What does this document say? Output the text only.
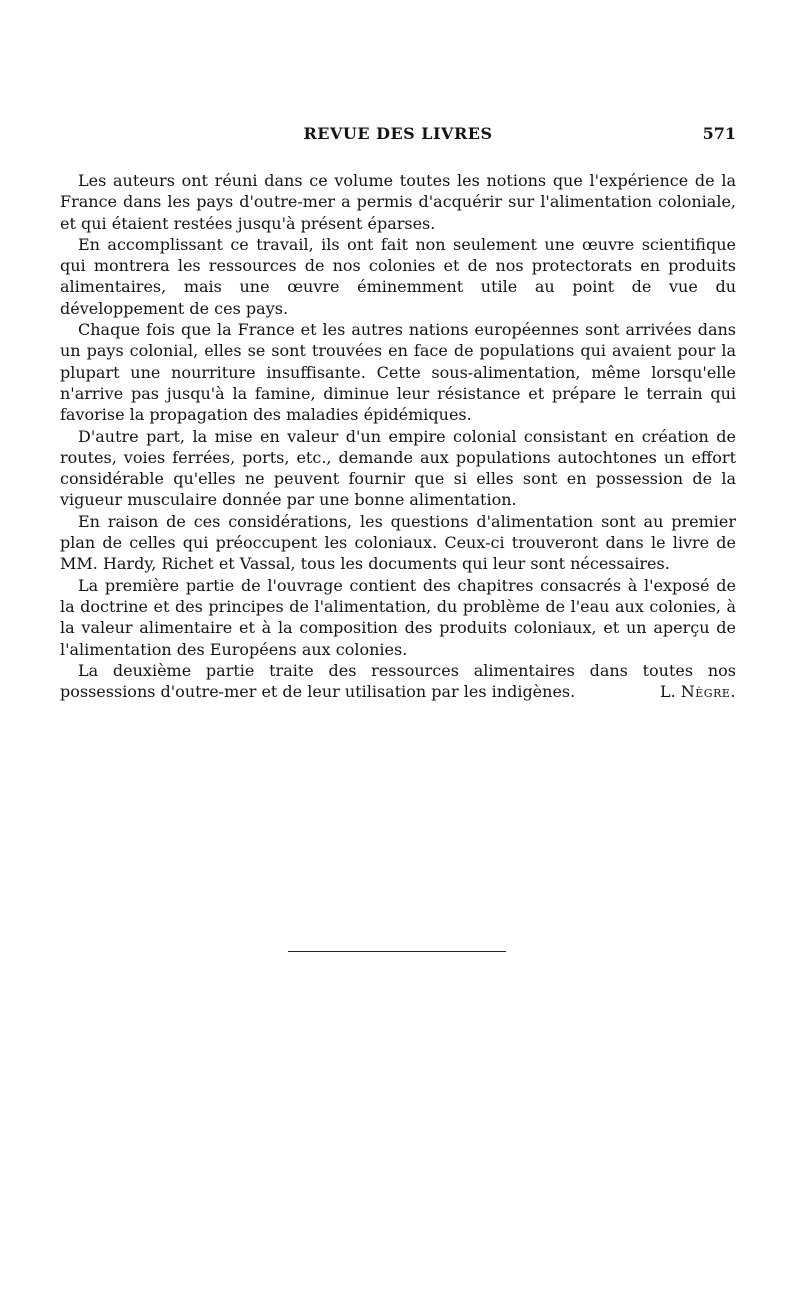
REVUE DES LIVRES	571

Les auteurs ont réuni dans ce volume toutes les notions que l'expérience de la France dans les pays d'outre-mer a permis d'acquérir sur l'alimentation coloniale, et qui étaient restées jusqu'à présent éparses.

En accomplissant ce travail, ils ont fait non seulement une œuvre scientifique qui montrera les ressources de nos colonies et de nos protectorats en produits alimentaires, mais une œuvre éminemment utile au point de vue du développement de ces pays.

Chaque fois que la France et les autres nations européennes sont arrivées dans un pays colonial, elles se sont trouvées en face de populations qui avaient pour la plupart une nourriture insuffisante. Cette sous-alimentation, même lorsqu'elle n'arrive pas jusqu'à la famine, diminue leur résistance et prépare le terrain qui favorise la propagation des maladies épidémiques.

D'autre part, la mise en valeur d'un empire colonial consistant en création de routes, voies ferrées, ports, etc., demande aux populations autochtones un effort considérable qu'elles ne peuvent fournir que si elles sont en possession de la vigueur musculaire donnée par une bonne alimentation.

En raison de ces considérations, les questions d'alimentation sont au premier plan de celles qui préoccupent les coloniaux. Ceux-ci trouveront dans le livre de MM. Hardy, Richet et Vassal, tous les documents qui leur sont nécessaires.

La première partie de l'ouvrage contient des chapitres consacrés à l'exposé de la doctrine et des principes de l'alimentation, du problème de l'eau aux colonies, à la valeur alimentaire et à la composition des produits coloniaux, et un aperçu de l'alimentation des Européens aux colonies.

La deuxième partie traite des ressources alimentaires dans toutes nos possessions d'outre-mer et de leur utilisation par les indigènes.	L. Nègre.
